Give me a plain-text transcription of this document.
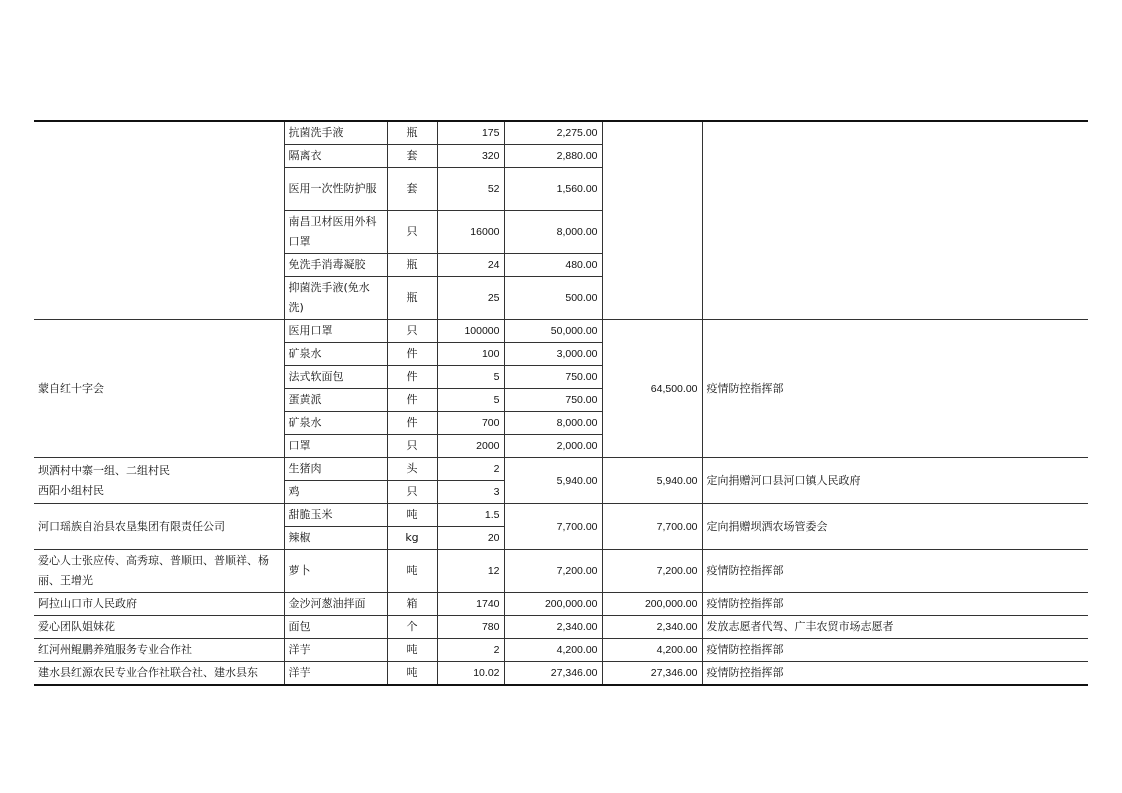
	抗菌洗手液	瓶	175	2,275.00		
	隔离衣	套	320	2,880.00		
	医用一次性防护服	套	52	1,560.00		
	南昌卫材医用外科口罩	只	16000	8,000.00		
	免洗手消毒凝胶	瓶	24	480.00		
	抑菌洗手液(免水洗)	瓶	25	500.00		
蒙自红十字会	医用口罩	只	100000	50,000.00	64,500.00	疫情防控指挥部
	矿泉水	件	100	3,000.00		
	法式软面包	件	5	750.00		
	蛋黄派	件	5	750.00		
	矿泉水	件	700	8,000.00		
	口罩	只	2000	2,000.00		

坝洒村中寨一组、二组村民
西阳小组村民	生猪肉	头	2	5,940.00	5,940.00	定向捐赠河口县河口镇人民政府
	鸡	只	3			
河口瑶族自治县农垦集团有限责任公司	甜脆玉米	吨	1.5	7,700.00	7,700.00	定向捐赠坝洒农场管委会
	辣椒	kg	20			
爱心人士张应传、高秀琼、普顺田、普顺祥、杨丽、王增光	萝卜	吨	12	7,200.00	7,200.00	疫情防控指挥部
阿拉山口市人民政府	金沙河葱油拌面	箱	1740	200,000.00	200,000.00	疫情防控指挥部
爱心团队姐妹花	面包	个	780	2,340.00	2,340.00	发放志愿者代驾、广丰农贸市场志愿者
红河州鲲鹏养殖服务专业合作社	洋芋	吨	2	4,200.00	4,200.00	疫情防控指挥部
建水县红源农民专业合作社联合社、建水县东	洋芋	吨	10.02	27,346.00	27,346.00	疫情防控指挥部
